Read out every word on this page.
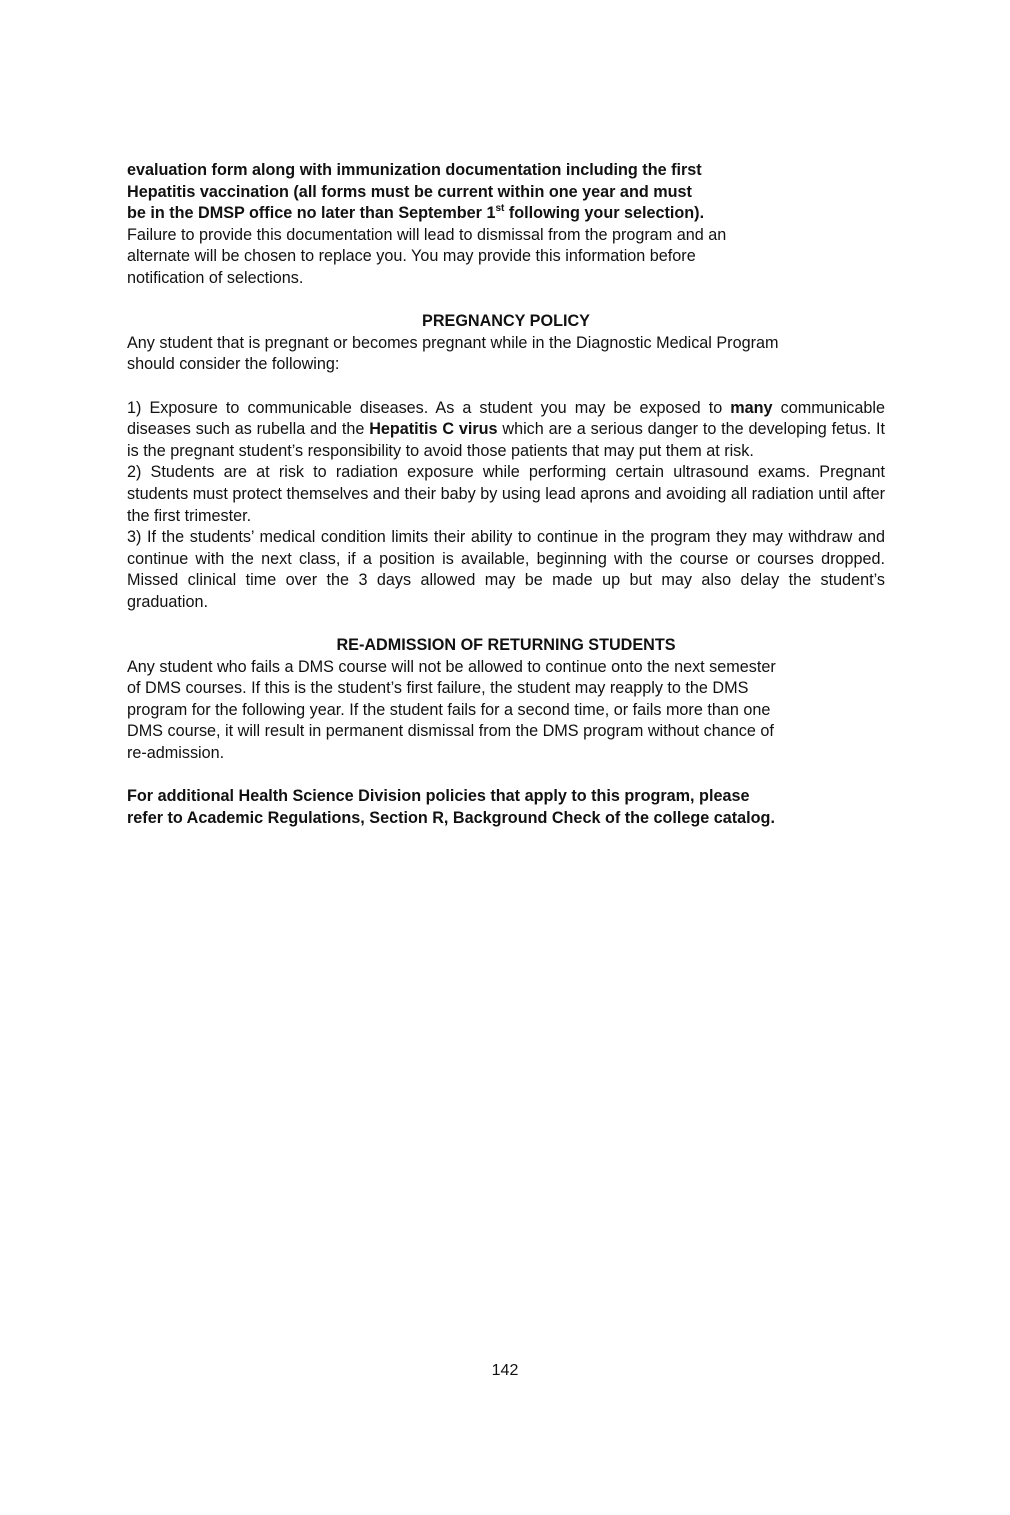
evaluation form along with immunization documentation including the first
Hepatitis vaccination (all forms must be current within one year and must
be in the DMSP office no later than September 1st following your selection).
Failure to provide this documentation will lead to dismissal from the program and an
alternate will be chosen to replace you. You may provide this information before
notification of selections.
PREGNANCY POLICY
Any student that is pregnant or becomes pregnant while in the Diagnostic Medical Program
should consider the following:
1) Exposure to communicable diseases. As a student you may be exposed to many communicable diseases such as rubella and the Hepatitis C virus which are a serious danger to the developing fetus. It is the pregnant student’s responsibility to avoid those patients that may put them at risk.
2) Students are at risk to radiation exposure while performing certain ultrasound exams. Pregnant students must protect themselves and their baby by using lead aprons and avoiding all radiation until after the first trimester.
3) If the students’ medical condition limits their ability to continue in the program they may withdraw and continue with the next class, if a position is available, beginning with the course or courses dropped. Missed clinical time over the 3 days allowed may be made up but may also delay the student’s graduation.
RE-ADMISSION OF RETURNING STUDENTS
Any student who fails a DMS course will not be allowed to continue onto the next semester
of DMS courses. If this is the student’s first failure, the student may reapply to the DMS
program for the following year. If the student fails for a second time, or fails more than one
DMS course, it will result in permanent dismissal from the DMS program without chance of
re-admission.
For additional Health Science Division policies that apply to this program, please
refer to Academic Regulations, Section R, Background Check of the college catalog.
142
